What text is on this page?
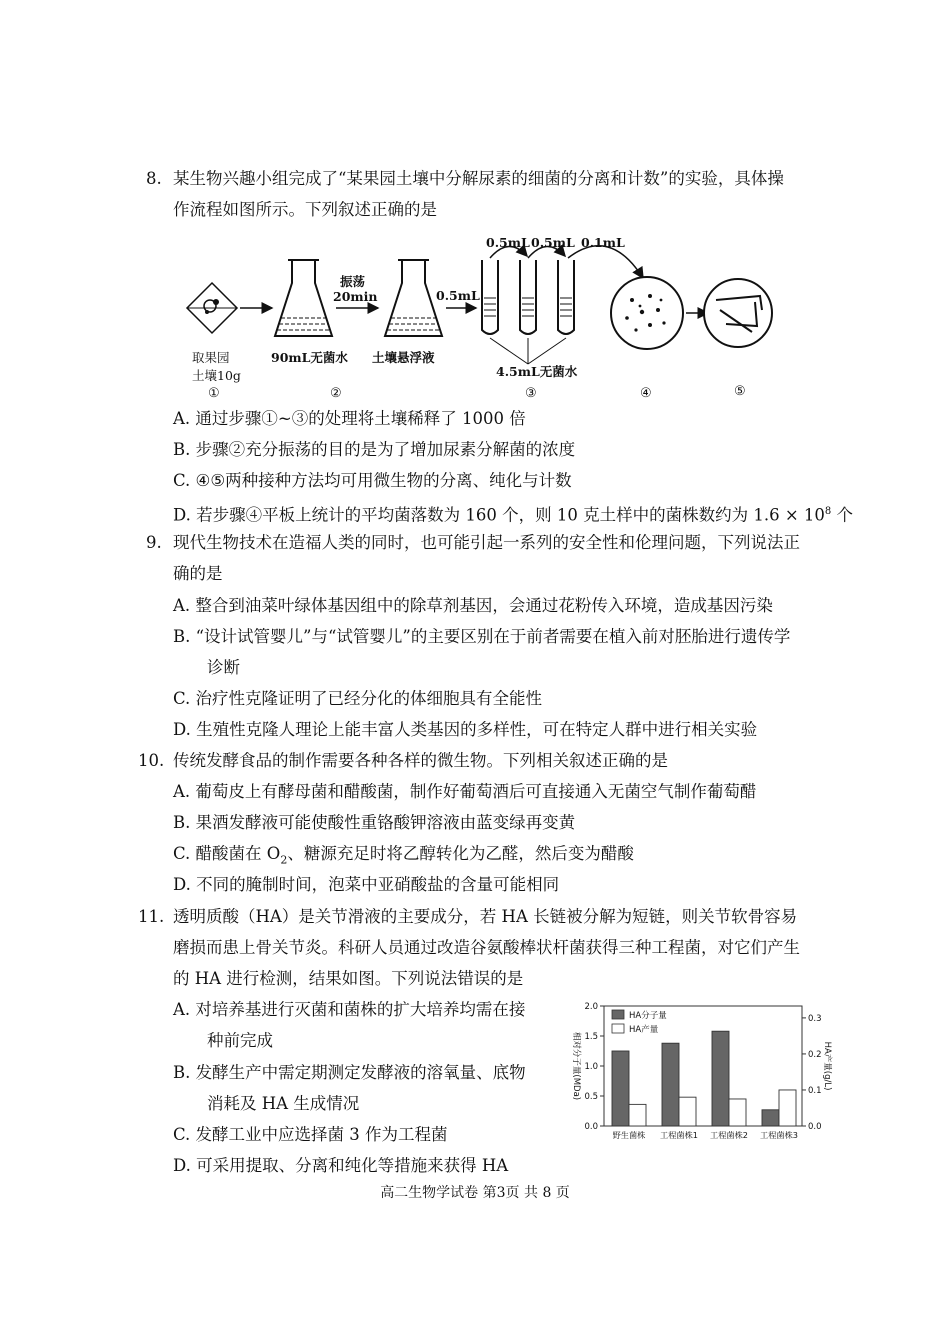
8. 某生物兴趣小组完成了“某果园土壤中分解尿素的细菌的分离和计数”的实验，具体操
作流程如图所示。下列叙述正确的是
0.5mL 0.5mL 0.1mL
振荡
20min	0.5mL
4.5mL无菌水
取果园
土壤10g
90mL无菌水 土壤悬浮液
①	②	③	④	⑤
A. 通过步骤①~③的处理将土壤稀释了 1000 倍
B. 步骤②充分振荡的目的是为了增加尿素分解菌的浓度
C. ④⑤两种接种方法均可用微生物的分离、纯化与计数
D. 若步骤④平板上统计的平均菌落数为 160 个，则 10 克土样中的菌株数约为 $1.6 \times 10^8$ 个
9. 现代生物技术在造福人类的同时，也可能引起一系列的安全性和伦理问题，下列说法正
确的是
A. 整合到油菜叶绿体基因组中的除草剂基因，会通过花粉传入环境，造成基因污染
B. “设计试管婴儿”与“试管婴儿”的主要区别在于前者需要在植入前对胚胎进行遗传学
诊断
C. 治疗性克隆证明了已经分化的体细胞具有全能性
D. 生殖性克隆人理论上能丰富人类基因的多样性，可在特定人群中进行相关实验
10. 传统发酵食品的制作需要各种各样的微生物。下列相关叙述正确的是
A. 葡萄皮上有酵母菌和醋酸菌，制作好葡萄酒后可直接通入无菌空气制作葡萄醋
B. 果酒发酵液可能使酸性重铬酸钾溶液由蓝变绿再变黄
C. 醋酸菌在 $O_2$、糖源充足时将乙醇转化为乙醛，然后变为醋酸
D. 不同的腌制时间，泡菜中亚硝酸盐的含量可能相同
11. 透明质酸（HA）是关节滑液的主要成分，若 HA 长链被分解为短链，则关节软骨容易
磨损而患上骨关节炎。科研人员通过改造谷氨酸棒状杆菌获得三种工程菌，对它们产生
的 HA 进行检测，结果如图。下列说法错误的是
A. 对培养基进行灭菌和菌株的扩大培养均需在接
种前完成
B. 发酵生产中需定期测定发酵液的溶氧量、底物
消耗及 HA 生成情况
C. 发酵工业中应选择菌 3 作为工程菌
D. 可采用提取、分离和纯化等措施来获得 HA
0.0
0.5
1.0
1.5
2.0
0.0
0.1
0.2
0.3
野生菌株 工程菌株1 工程菌株2 工程菌株3
HA分子量
HA产量
相对分子量(MDa)	HA产量(g/L)
高二生物学试卷 第3页 共 8 页
